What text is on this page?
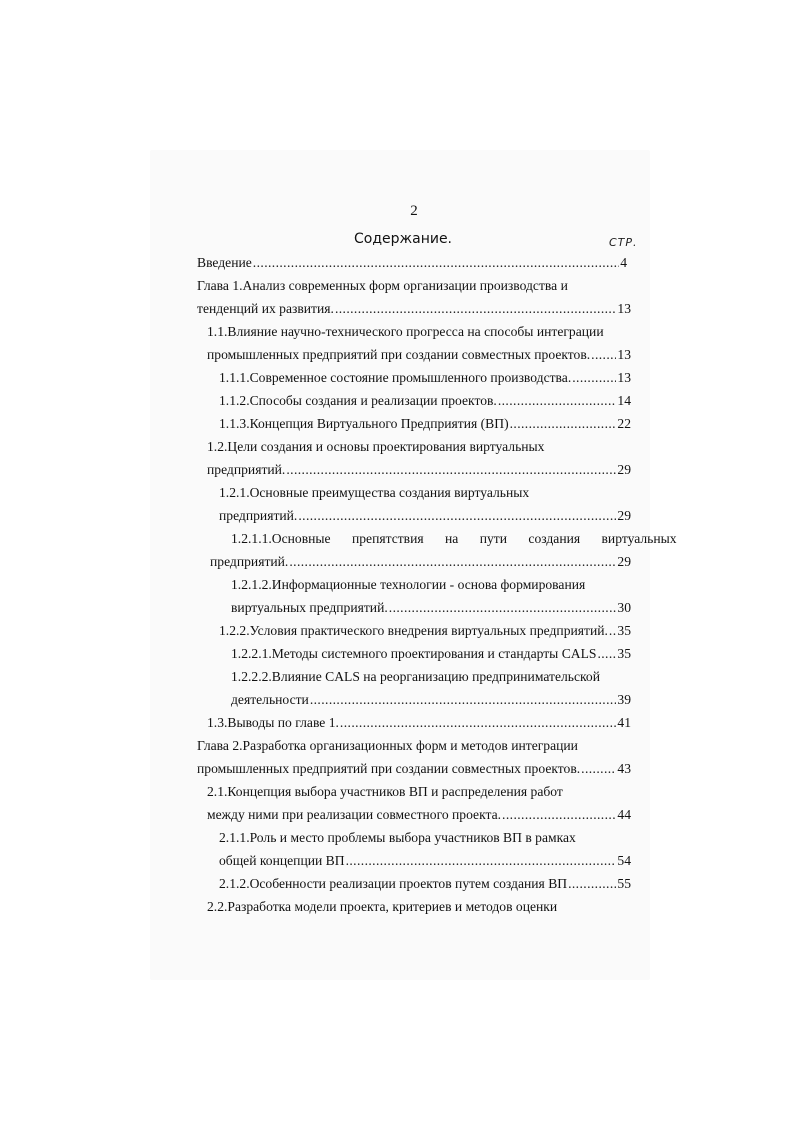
2
Содержание.	СТР.
Введение .....	4
Глава 1.Анализ современных форм организации производства и
тенденций их развития. .....	13
1.1.Влияние научно-технического прогресса на способы интеграции
промышленных предприятий при создании совместных проектов. ..... 13
1.1.1.Современное состояние промышленного производства. .....	13
1.1.2.Способы создания и реализации проектов. .....	14
1.1.3.Концепция Виртуального Предприятия (ВП) .....	22
1.2.Цели создания и основы проектирования виртуальных
предприятий. .....	29
1.2.1.Основные преимущества создания виртуальных
предприятий. .....	29
1.2.1.1.Основные препятствия на пути создания виртуальных
предприятий. .....	29
1.2.1.2.Информационные технологии - основа формирования
виртуальных предприятий. .....	30
1.2.2.Условия практического внедрения виртуальных предприятий. ..... 35
1.2.2.1.Методы системного проектирования и стандарты CALS ..... 35
1.2.2.2.Влияние CALS на реорганизацию предпринимательской
деятельности .....	39
1.3.Выводы по главе 1. .....	41
Глава 2.Разработка организационных форм и методов интеграции
промышленных предприятий при создании совместных проектов. .....	43
2.1.Концепция выбора участников ВП и распределения работ
между ними при реализации совместного проекта. .....	44
2.1.1.Роль и место проблемы выбора участников ВП в рамках
общей концепции ВП .....	54
2.1.2.Особенности реализации проектов путем создания ВП .....	55
2.2.Разработка модели проекта, критериев и методов оценки
